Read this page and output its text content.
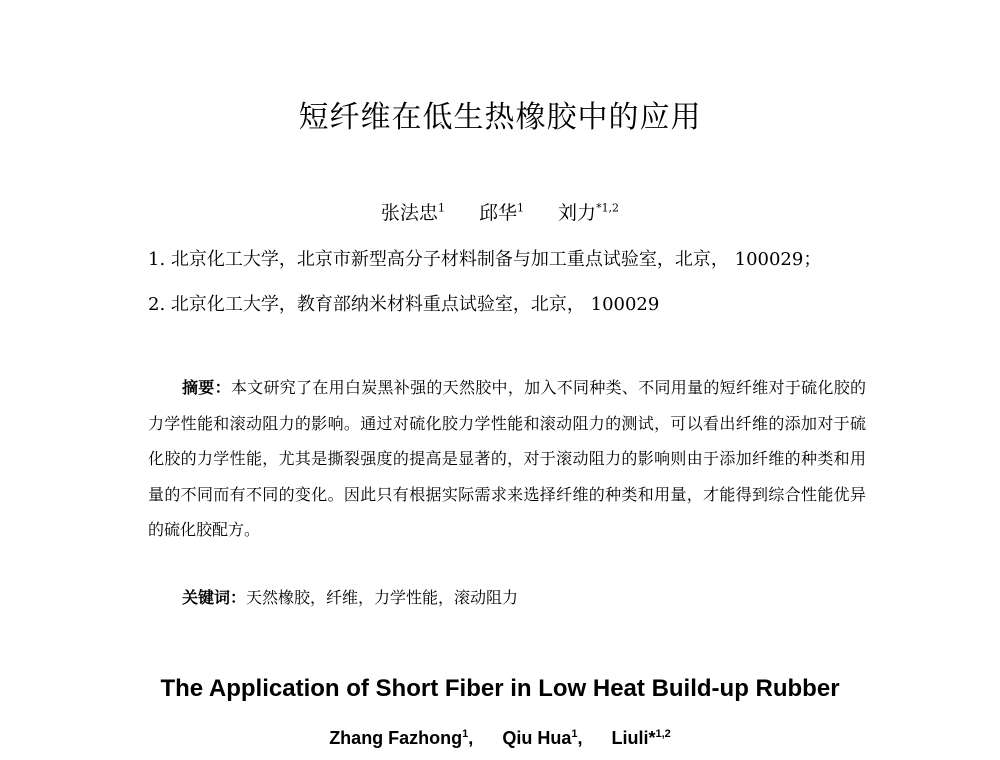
短纤维在低生热橡胶中的应用
张法忠$^1$ 邱华$^1$ 刘力$^{*1,2}$
1. 北京化工大学，北京市新型高分子材料制备与加工重点试验室，北京， 100029；
2. 北京化工大学，教育部纳米材料重点试验室，北京， 100029

摘要：本文研究了在用白炭黑补强的天然胶中，加入不同种类、不同用量的短纤维对于硫化胶的力学性能和滚动阻力的影响。通过对硫化胶力学性能和滚动阻力的测试，可以看出纤维的添加对于硫化胶的力学性能，尤其是撕裂强度的提高是显著的，对于滚动阻力的影响则由于添加纤维的种类和用量的不同而有不同的变化。因此只有根据实际需求来选择纤维的种类和用量，才能得到综合性能优异的硫化胶配方。

关键词：天然橡胶，纤维，力学性能，滚动阻力
The Application of Short Fiber in Low Heat Build-up Rubber
Zhang Fazhong$^1$, Qiu Hua$^1$, Liuli*$^{1,2}$
